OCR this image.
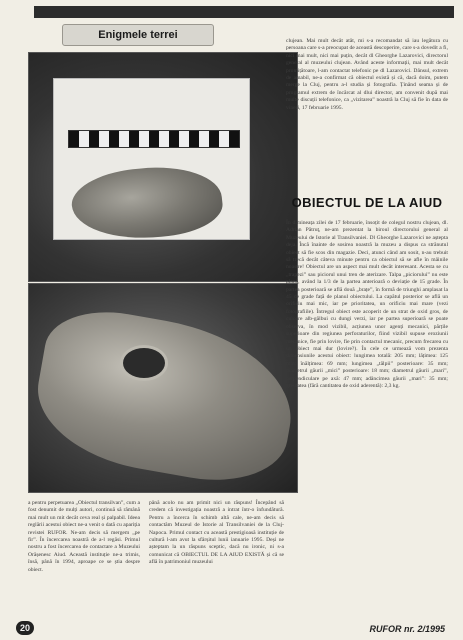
Enigmele terrei	clujean. Mai mult decât atât, mi s-a recomandat să iau legătura cu persoana care s-a preocupat de această descoperire, care s-a dovedit a fi, nici mai mult, nici mai puțin, decât dl Gheorghe Lazarovici, directorul general al muzeului clujean. Având aceste informații, mai mult decât promițătoare, l-am contactat telefonic pe dl Lazarovici. Dânsul, extrem de amabil, ne-a confirmat că obiectul există și că, dacă doim, putem merge la Cluj, pentru a-l studia și fotografia. Ținând seama și de programul extrem de încărcat al dlui director, am convenit după mai multe discuții telefonice, ca „vizitarea” noastră la Cluj să fie în data de vineri, 17 februarie 1995.

OBIECTUL DE LA AIUD

În dimineața zilei de 17 februarie, însoțit de colegul nostru clujean, dl. Adrian Pătruț, ne-am prezentat la biroul directorului general al Muzeului de Istorie al Transilvaniei. Dl Gheorghe Lazarovici ne aștepta deja. Încă înainte de sosirea noastră la muzeu a dispus ca strănutul obiect să fie scos din magazie. Deci, atunci când am sosit, n-au trebuit să trecă decât câteva minute pentru ca obiectul să se afle în mâinile noastre! Obiectul are un aspect mai mult decât interesant. Acesta se cu „trapezi” sau piciorul unui tren de aterizare. Talpa „piciorului” nu este plană, având la 1/3 de la partea anterioară o deviație de 15 grade. În partea posterioară se află două „brațe”, în formă de triunghi amplasat la 45 de grade față de planul obiectului. La capătul posterior se află un orificiu mai mic, iar pe prioritatea, un orificiu mai mare (vezi fotografiile). Întregul obiect este acoperit de un strat de oxid gros, de culoare alb-gălbui cu dungi verzi, iar pe partea superioară se poate observa, în mod vizibil, acțiunea unor agenți mecanici, părțile superioare din regiunea perforaturilor, fiind vizibil supuse eroziunii mecanice, fie prin lovire, fie prin contactul mecanic, precum frecarea cu un obiect mai dur (lovire?). În cele ce urmează vom prezenta dimensiunile acestui obiect: lungimea totală: 205 mm; lățimea: 125 mm; înălțimea: 69 mm; lungimea „tălpii” posterioare: 35 mm; diametrul găurii „mici” posterioare: 18 mm; diametrul găurii „mari”, perpendiculare pe axă: 47 mm; adâncimea găurii „mari”: 35 mm; greutatea (fără cantitatea de oxid aderentă): 2,3 kg.

a pentru perpetuarea „Obiectul transilvan”, cum a fost denumit de mulți autori, continuă să rămână mai mult un mit decât ceva real și palpabil. Ideea reglării acestui obiect ne-a venit o dată cu apariția revistei RUFOR. Ne-am decis să mergem „pe fir”. În încercarea noastră de a-l regăsi. Primul nostru a fost încercarea de contactare a Muzeului Orășenesc Aiud. Această instituție ne-a trimis, însă, până în 1994, aproape ce se știa despre obiect.

până acolo nu am primit nici un răspuns! Începând să credem că investigația noastră a intrat într-o înfundătură. Pentru a încerca în schimb altă cale, ne-am decis să contactăm Muzeul de Istorie al Transilvaniei de la Cluj-Napoca. Primul contact cu această prestigioasă instituție de cultură l-am avut la sfârșitul lunii ianuarie 1995. Deși ne așteptam la un răspuns sceptic, dacă nu ironic, ni s-a comunicat că OBIECTUL DE LA AIUD EXISTĂ și că se află în patrimoniul muzeului

20	RUFOR nr. 2/1995
